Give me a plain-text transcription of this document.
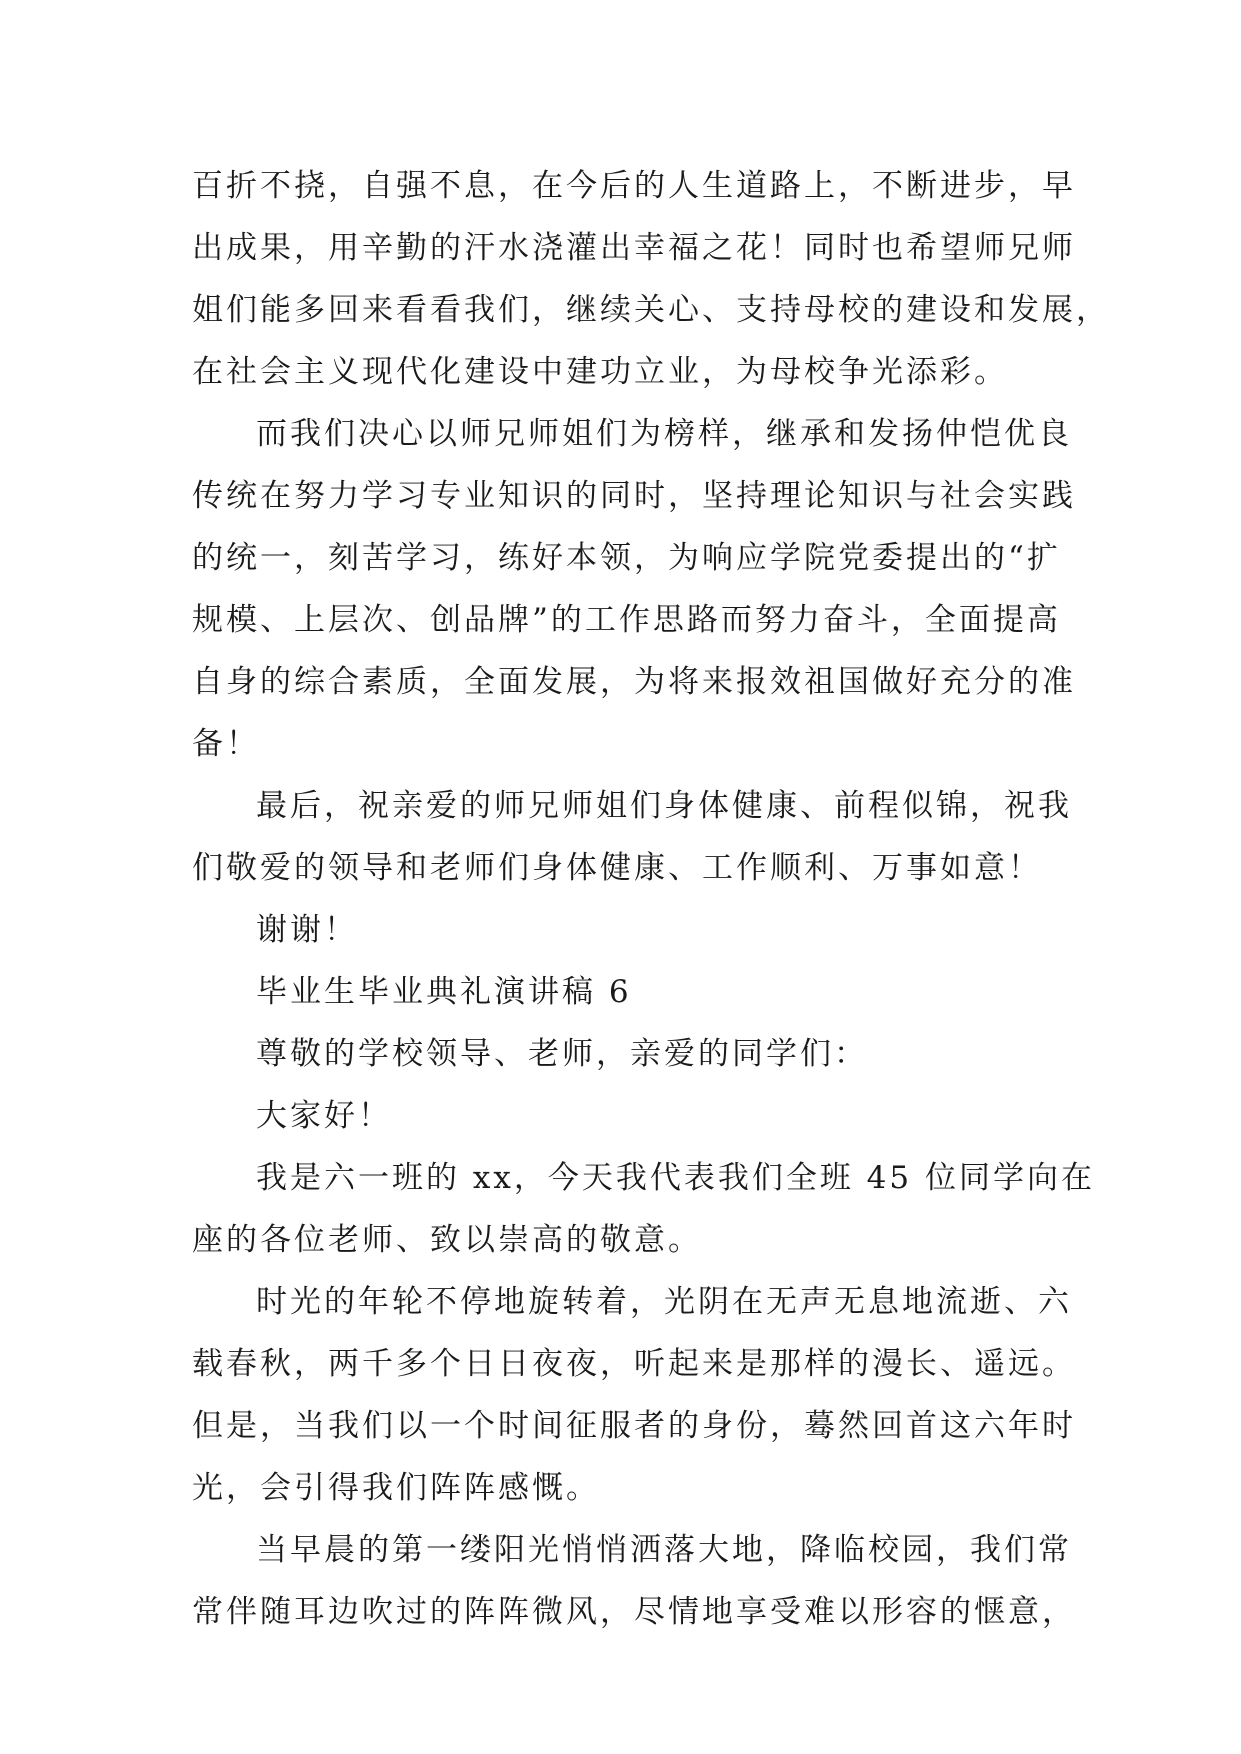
百折不挠，自强不息，在今后的人生道路上，不断进步，早
出成果，用辛勤的汗水浇灌出幸福之花！同时也希望师兄师
姐们能多回来看看我们，继续关心、支持母校的建设和发展，
在社会主义现代化建设中建功立业，为母校争光添彩。
而我们决心以师兄师姐们为榜样，继承和发扬仲恺优良
传统在努力学习专业知识的同时，坚持理论知识与社会实践
的统一，刻苦学习，练好本领，为响应学院党委提出的“扩
规模、上层次、创品牌”的工作思路而努力奋斗，全面提高
自身的综合素质，全面发展，为将来报效祖国做好充分的准
备！
最后，祝亲爱的师兄师姐们身体健康、前程似锦，祝我
们敬爱的领导和老师们身体健康、工作顺利、万事如意！
谢谢！
毕业生毕业典礼演讲稿 6
尊敬的学校领导、老师，亲爱的同学们：
大家好！
我是六一班的 xx，今天我代表我们全班 45 位同学向在
座的各位老师、致以崇高的敬意。
时光的年轮不停地旋转着，光阴在无声无息地流逝、六
载春秋，两千多个日日夜夜，听起来是那样的漫长、遥远。
但是，当我们以一个时间征服者的身份，蓦然回首这六年时
光，会引得我们阵阵感慨。
当早晨的第一缕阳光悄悄洒落大地，降临校园，我们常
常伴随耳边吹过的阵阵微风，尽情地享受难以形容的惬意，
